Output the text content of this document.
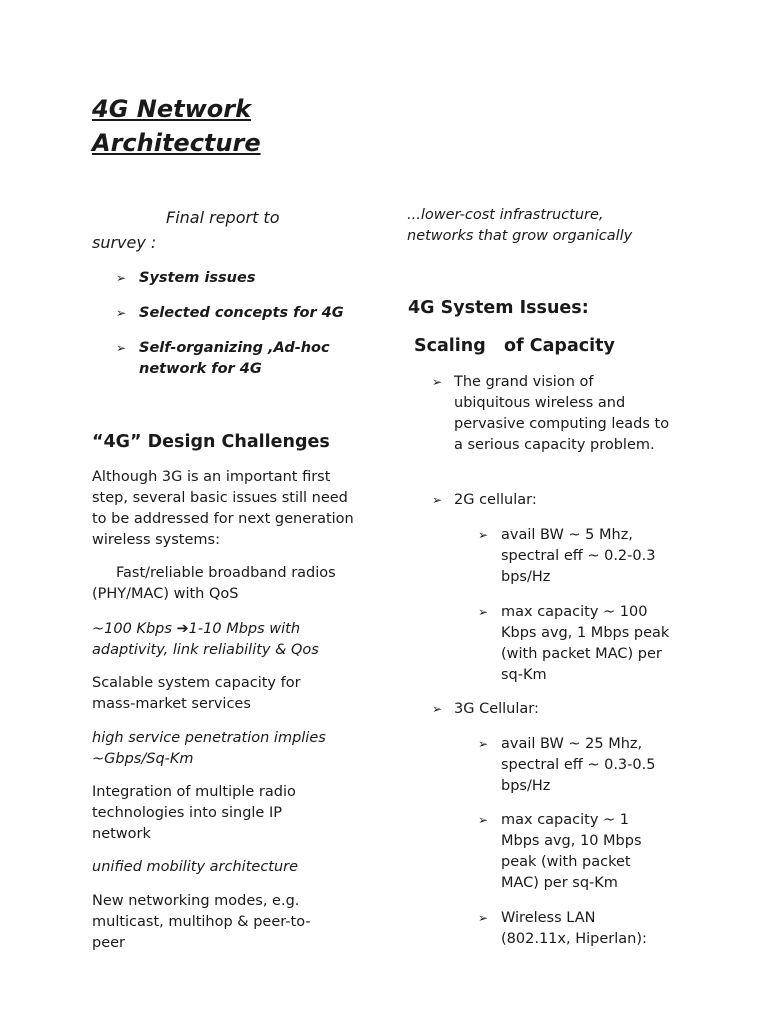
4G Network
Architecture

Final report to

survey :

➢ System issues

➢ Selected concepts for 4G

➢ Self-organizing ,Ad-hoc network for 4G

“4G” Design Challenges

Although 3G is an important first step, several basic issues still need to be addressed for next generation wireless systems:

Fast/reliable broadband radios (PHY/MAC) with QoS

~100 Kbps ➔1-10 Mbps with adaptivity, link reliability & Qos

Scalable system capacity for mass-market services

high service penetration implies ~Gbps/Sq-Km

Integration of multiple radio technologies into single IP network

unified mobility architecture

New networking modes, e.g. multicast, multihop & peer-to-peer

...lower-cost infrastructure, networks that grow organically

4G System Issues:
Scaling   of Capacity
➢ The grand vision of ubiquitous wireless and pervasive computing leads to a serious capacity problem.

➢ 2G cellular:

➢ avail BW ~ 5 Mhz, spectral eff ~ 0.2-0.3 bps/Hz

➢ max capacity ~ 100 Kbps avg, 1 Mbps peak (with packet MAC) per sq-Km

➢ 3G Cellular:

➢ avail BW ~ 25 Mhz, spectral eff ~ 0.3-0.5 bps/Hz

➢ max capacity ~ 1 Mbps avg, 10 Mbps peak (with packet MAC) per sq-Km

➢ Wireless LAN (802.11x, Hiperlan):
